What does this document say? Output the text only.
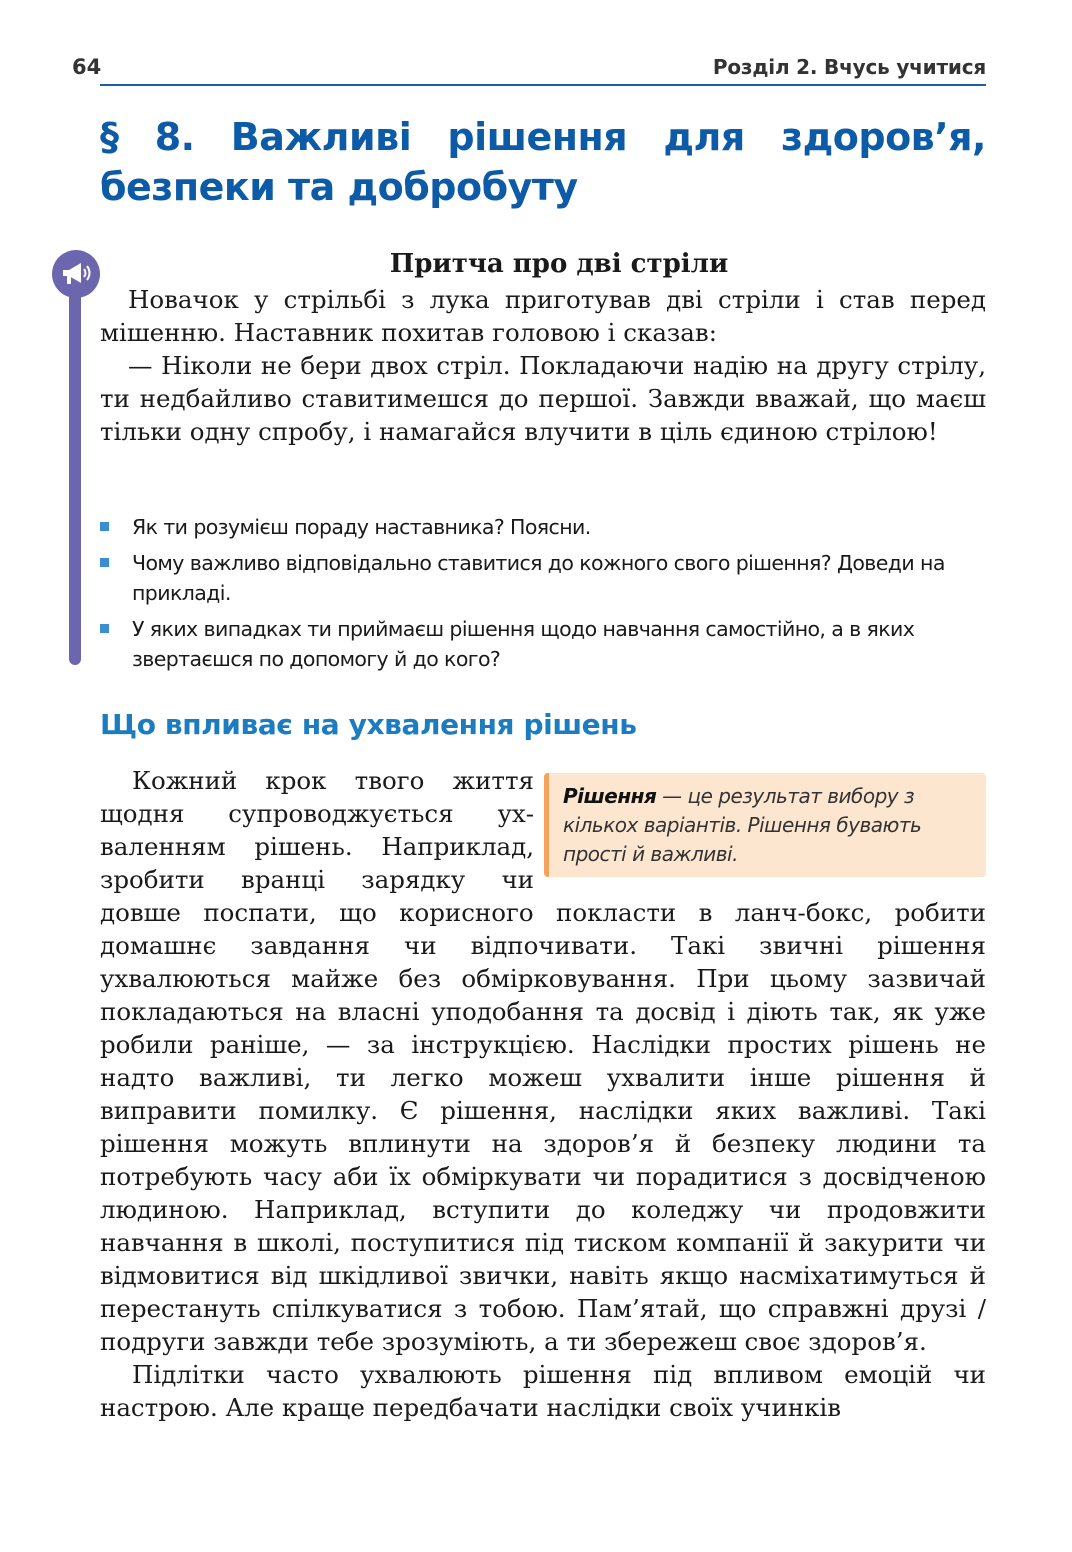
64	Розділ 2. Вчусь учитися
§ 8. Важливі рішення для здоров’я, безпеки та добробуту
Притча про дві стріли

Новачок у стрільбі з лука приготував дві стріли і став перед мішенню. Наставник похитав головою і сказав:

— Ніколи не бери двох стріл. Покладаючи надію на другу стрілу, ти недбайливо ставитимешся до першої. Завжди вважай, що маєш тільки одну спробу, і намагайся влучити в ціль єдиною стрілою!

Як ти розумієш пораду наставника? Поясни.
Чому важливо відповідально ставитися до кожного свого рішення? Доведи на прикладі.
У яких випадках ти приймаєш рішення щодо навчання самостійно, а в яких звертаєшся по допомогу й до кого?
Що впливає на ухвалення рішень
Рішення — це результат вибору з кількох варіантів. Рішення бувають прості й важливі.

Кожний крок твого життя щодня супроводжується ухваленням рішень. Наприклад, зробити вранці зарядку чи довше поспати, що корисного покласти в ланч-бокс, робити домашнє завдання чи відпочивати. Такі звичні рішення ухвалюються майже без обмірковування. При цьому зазвичай покладаються на власні уподобання та досвід і діють так, як уже робили раніше, — за інструкцією. Наслідки простих рішень не надто важливі, ти легко можеш ухвалити інше рішення й виправити помилку. Є рішення, наслідки яких важливі. Такі рішення можуть вплинути на здоров’я й безпеку людини та потребують часу аби їх обміркувати чи порадитися з досвідченою людиною. Наприклад, вступити до коледжу чи продовжити навчання в школі, поступитися під тиском компанії й закурити чи відмовитися від шкідливої звички, навіть якщо насміхатимуться й перестануть спілкуватися з тобою. Пам’ятай, що справжні друзі / подруги завжди тебе зрозуміють, а ти збережеш своє здоров’я.

Підлітки часто ухвалюють рішення під впливом емоцій чи настрою. Але краще передбачати наслідки своїх учинків
